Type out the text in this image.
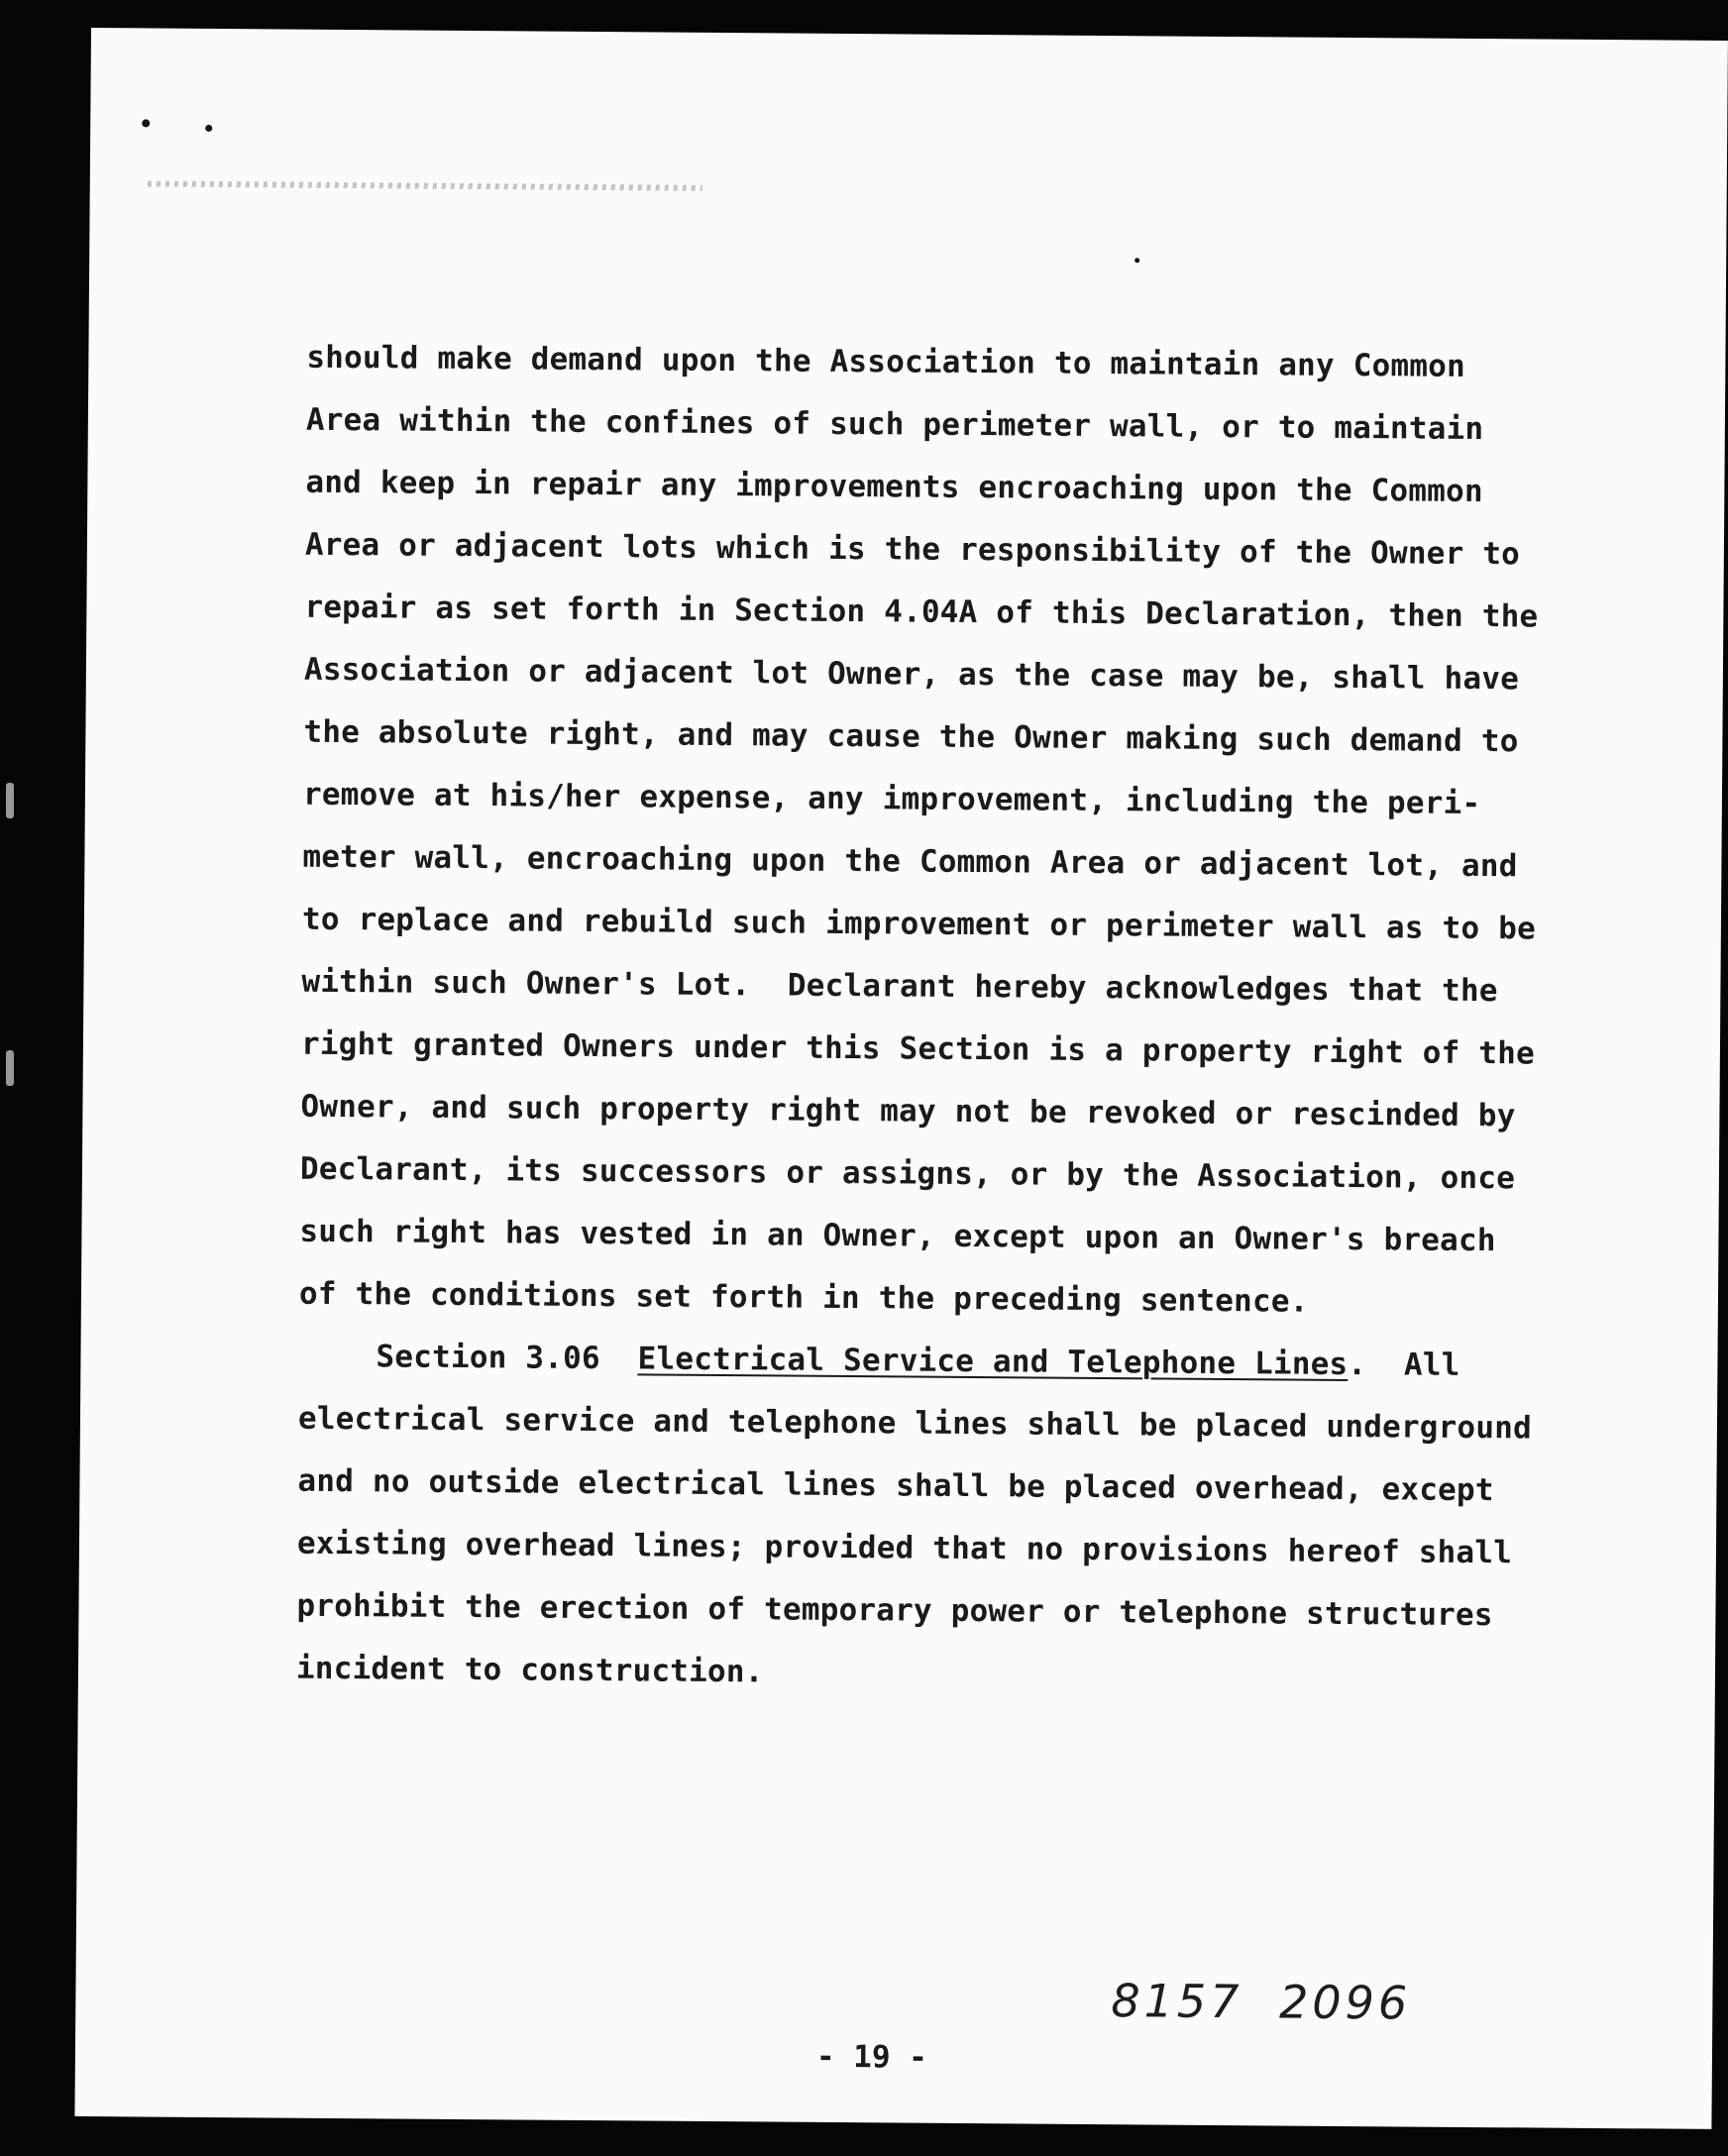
should make demand upon the Association to maintain any Common
Area within the confines of such perimeter wall, or to maintain
and keep in repair any improvements encroaching upon the Common
Area or adjacent lots which is the responsibility of the Owner to
repair as set forth in Section 4.04A of this Declaration, then the
Association or adjacent lot Owner, as the case may be, shall have
the absolute right, and may cause the Owner making such demand to
remove at his/her expense, any improvement, including the peri-
meter wall, encroaching upon the Common Area or adjacent lot, and
to replace and rebuild such improvement or perimeter wall as to be
within such Owner's Lot.  Declarant hereby acknowledges that the
right granted Owners under this Section is a property right of the
Owner, and such property right may not be revoked or rescinded by
Declarant, its successors or assigns, or by the Association, once
such right has vested in an Owner, except upon an Owner's breach
of the conditions set forth in the preceding sentence.
Section 3.06 Electrical Service and Telephone Lines. All
electrical service and telephone lines shall be placed underground
and no outside electrical lines shall be placed overhead, except
existing overhead lines; provided that no provisions hereof shall
prohibit the erection of temporary power or telephone structures
incident to construction.
8157 2096
- 19 -
